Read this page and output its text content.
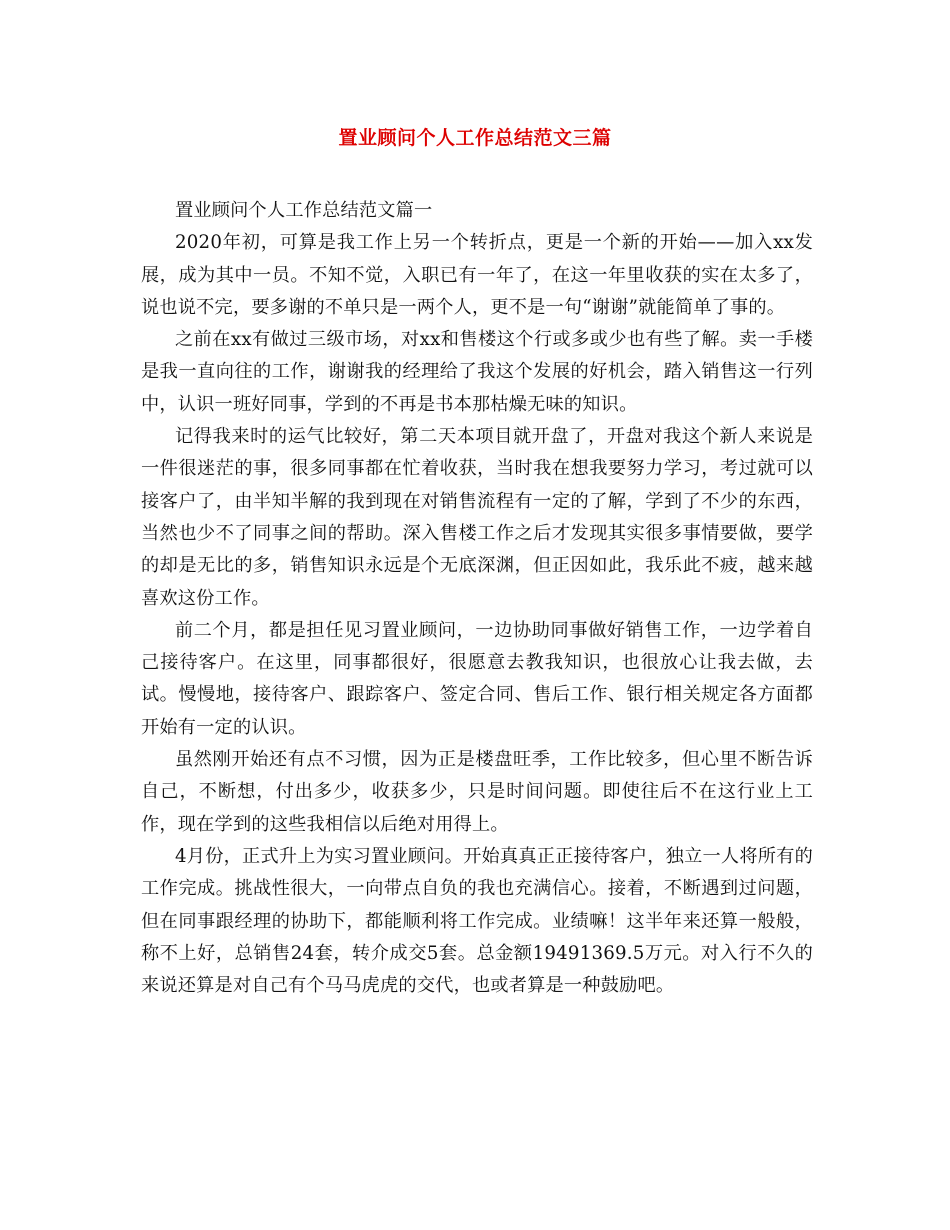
置业顾问个人工作总结范文三篇

置业顾问个人工作总结范文篇一

2020年初，可算是我工作上另一个转折点，更是一个新的开始——加入xx发展，成为其中一员。不知不觉，入职已有一年了，在这一年里收获的实在太多了，说也说不完，要多谢的不单只是一两个人，更不是一句“谢谢”就能简单了事的。

之前在xx有做过三级市场，对xx和售楼这个行或多或少也有些了解。卖一手楼是我一直向往的工作，谢谢我的经理给了我这个发展的好机会，踏入销售这一行列中，认识一班好同事，学到的不再是书本那枯燥无味的知识。

记得我来时的运气比较好，第二天本项目就开盘了，开盘对我这个新人来说是一件很迷茫的事，很多同事都在忙着收获，当时我在想我要努力学习，考过就可以接客户了，由半知半解的我到现在对销售流程有一定的了解，学到了不少的东西，当然也少不了同事之间的帮助。深入售楼工作之后才发现其实很多事情要做，要学的却是无比的多，销售知识永远是个无底深渊，但正因如此，我乐此不疲，越来越喜欢这份工作。

前二个月，都是担任见习置业顾问，一边协助同事做好销售工作，一边学着自己接待客户。在这里，同事都很好，很愿意去教我知识，也很放心让我去做，去试。慢慢地，接待客户、跟踪客户、签定合同、售后工作、银行相关规定各方面都开始有一定的认识。

虽然刚开始还有点不习惯，因为正是楼盘旺季，工作比较多，但心里不断告诉自己，不断想，付出多少，收获多少，只是时间问题。即使往后不在这行业上工作，现在学到的这些我相信以后绝对用得上。

4月份，正式升上为实习置业顾问。开始真真正正接待客户，独立一人将所有的工作完成。挑战性很大，一向带点自负的我也充满信心。接着，不断遇到过问题，但在同事跟经理的协助下，都能顺利将工作完成。业绩嘛！这半年来还算一般般，称不上好，总销售24套，转介成交5套。总金额19491369.5万元。对入行不久的来说还算是对自己有个马马虎虎的交代，也或者算是一种鼓励吧。
